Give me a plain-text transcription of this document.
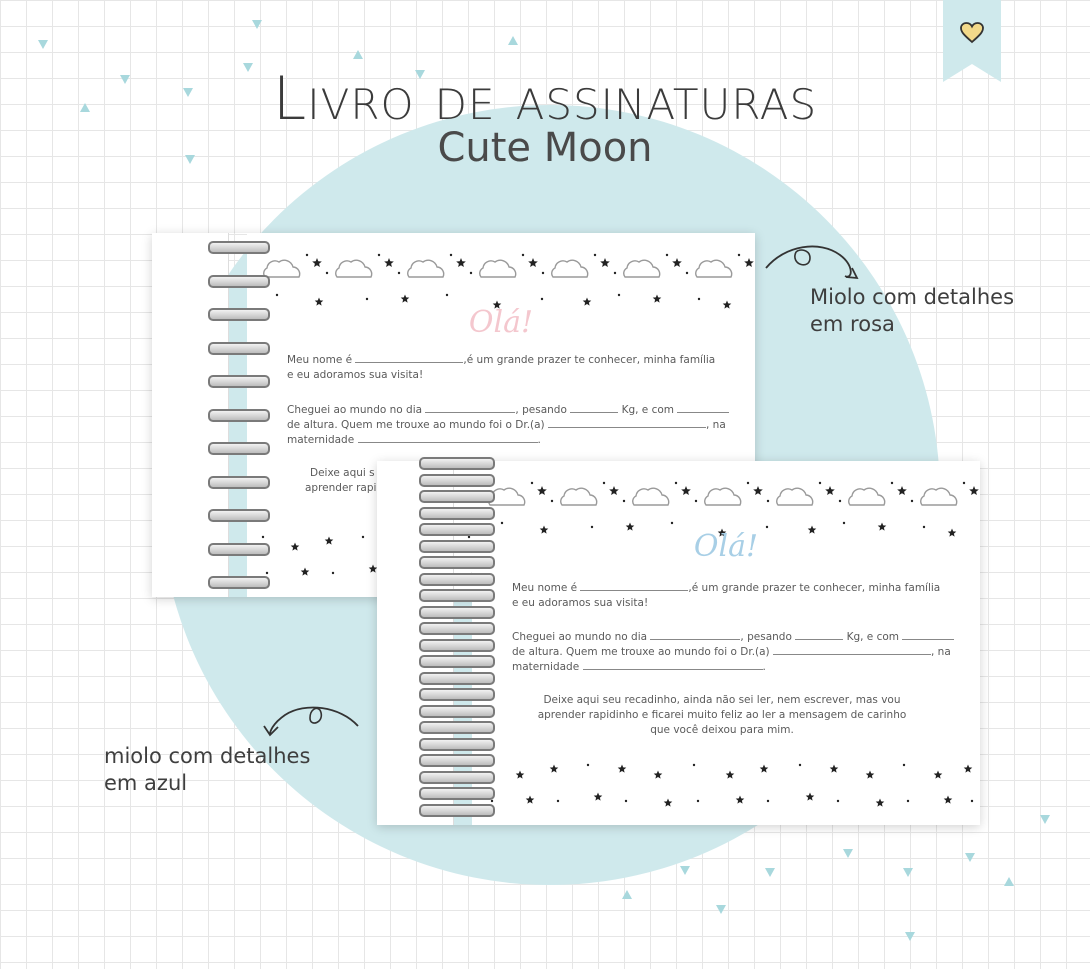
Livro de assinaturas
Cute Moon
Miolo com detalhes
em rosa
miolo com detalhes
em azul
Olá!
Meu nome é	,é um grande prazer te conhecer, minha família
e eu adoramos sua visita!
Cheguei ao mundo no dia	, pesando	Kg, e com
de altura. Quem me trouxe ao mundo foi o Dr.(a)	, na
maternidade	.
Deixe aqui s
aprender rapi
Olá!
Meu nome é	,é um grande prazer te conhecer, minha família
e eu adoramos sua visita!
Cheguei ao mundo no dia	, pesando	Kg, e com
de altura. Quem me trouxe ao mundo foi o Dr.(a)	, na
maternidade	.
Deixe aqui seu recadinho, ainda não sei ler, nem escrever, mas vou
aprender rapidinho e ficarei muito feliz ao ler a mensagem de carinho
que você deixou para mim.
